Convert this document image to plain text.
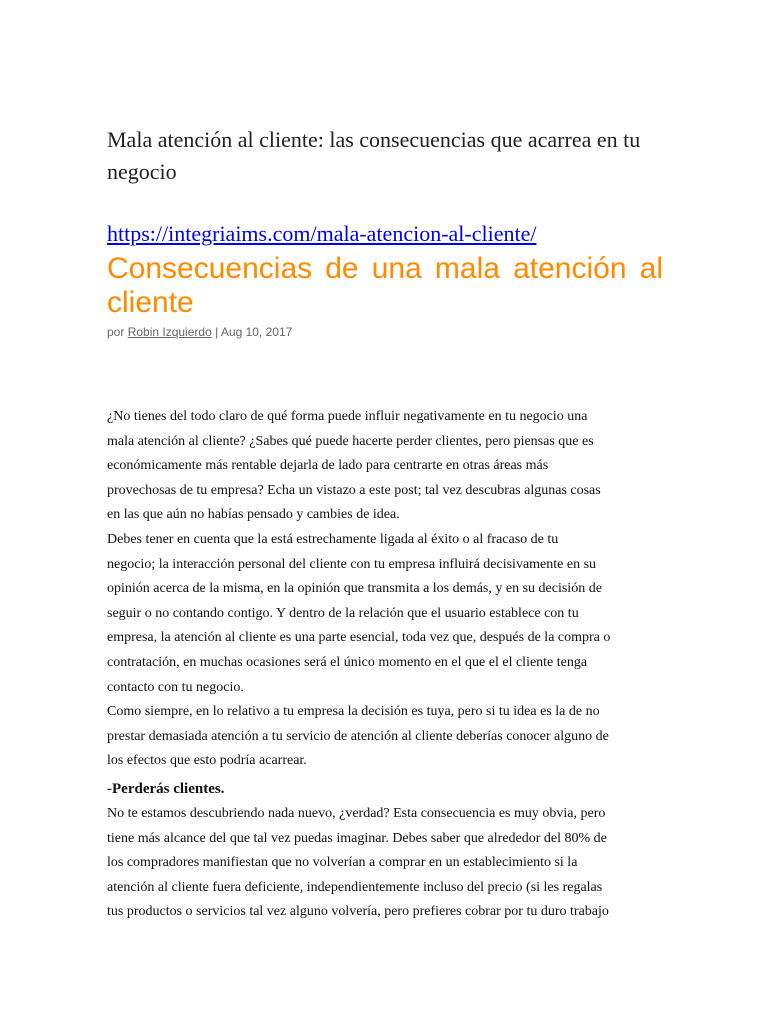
Mala atención al cliente: las consecuencias que acarrea en tu negocio
https://integriaims.com/mala-atencion-al-cliente/
Consecuencias de una mala atención al cliente
por Robin Izquierdo | Aug 10, 2017

¿No tienes del todo claro de qué forma puede influir negativamente en tu negocio una
mala atención al cliente? ¿Sabes qué puede hacerte perder clientes, pero piensas que es
económicamente más rentable dejarla de lado para centrarte en otras áreas más
provechosas de tu empresa? Echa un vistazo a este post; tal vez descubras algunas cosas
en las que aún no habías pensado y cambies de idea.

Debes tener en cuenta que la está estrechamente ligada al éxito o al fracaso de tu
negocio; la interacción personal del cliente con tu empresa influirá decisivamente en su
opinión acerca de la misma, en la opinión que transmita a los demás, y en su decisión de
seguir o no contando contigo. Y dentro de la relación que el usuario establece con tu
empresa, la atención al cliente es una parte esencial, toda vez que, después de la compra o
contratación, en muchas ocasiones será el único momento en el que el el cliente tenga
contacto con tu negocio.

Como siempre, en lo relativo a tu empresa la decisión es tuya, pero si tu idea es la de no
prestar demasiada atención a tu servicio de atención al cliente deberías conocer alguno de
los efectos que esto podría acarrear.

-Perderás clientes.

No te estamos descubriendo nada nuevo, ¿verdad? Esta consecuencia es muy obvia, pero
tiene más alcance del que tal vez puedas imaginar. Debes saber que alrededor del 80% de
los compradores manifiestan que no volverían a comprar en un establecimiento si la
atención al cliente fuera deficiente, independientemente incluso del precio (si les regalas
tus productos o servicios tal vez alguno volvería, pero prefieres cobrar por tu duro trabajo
